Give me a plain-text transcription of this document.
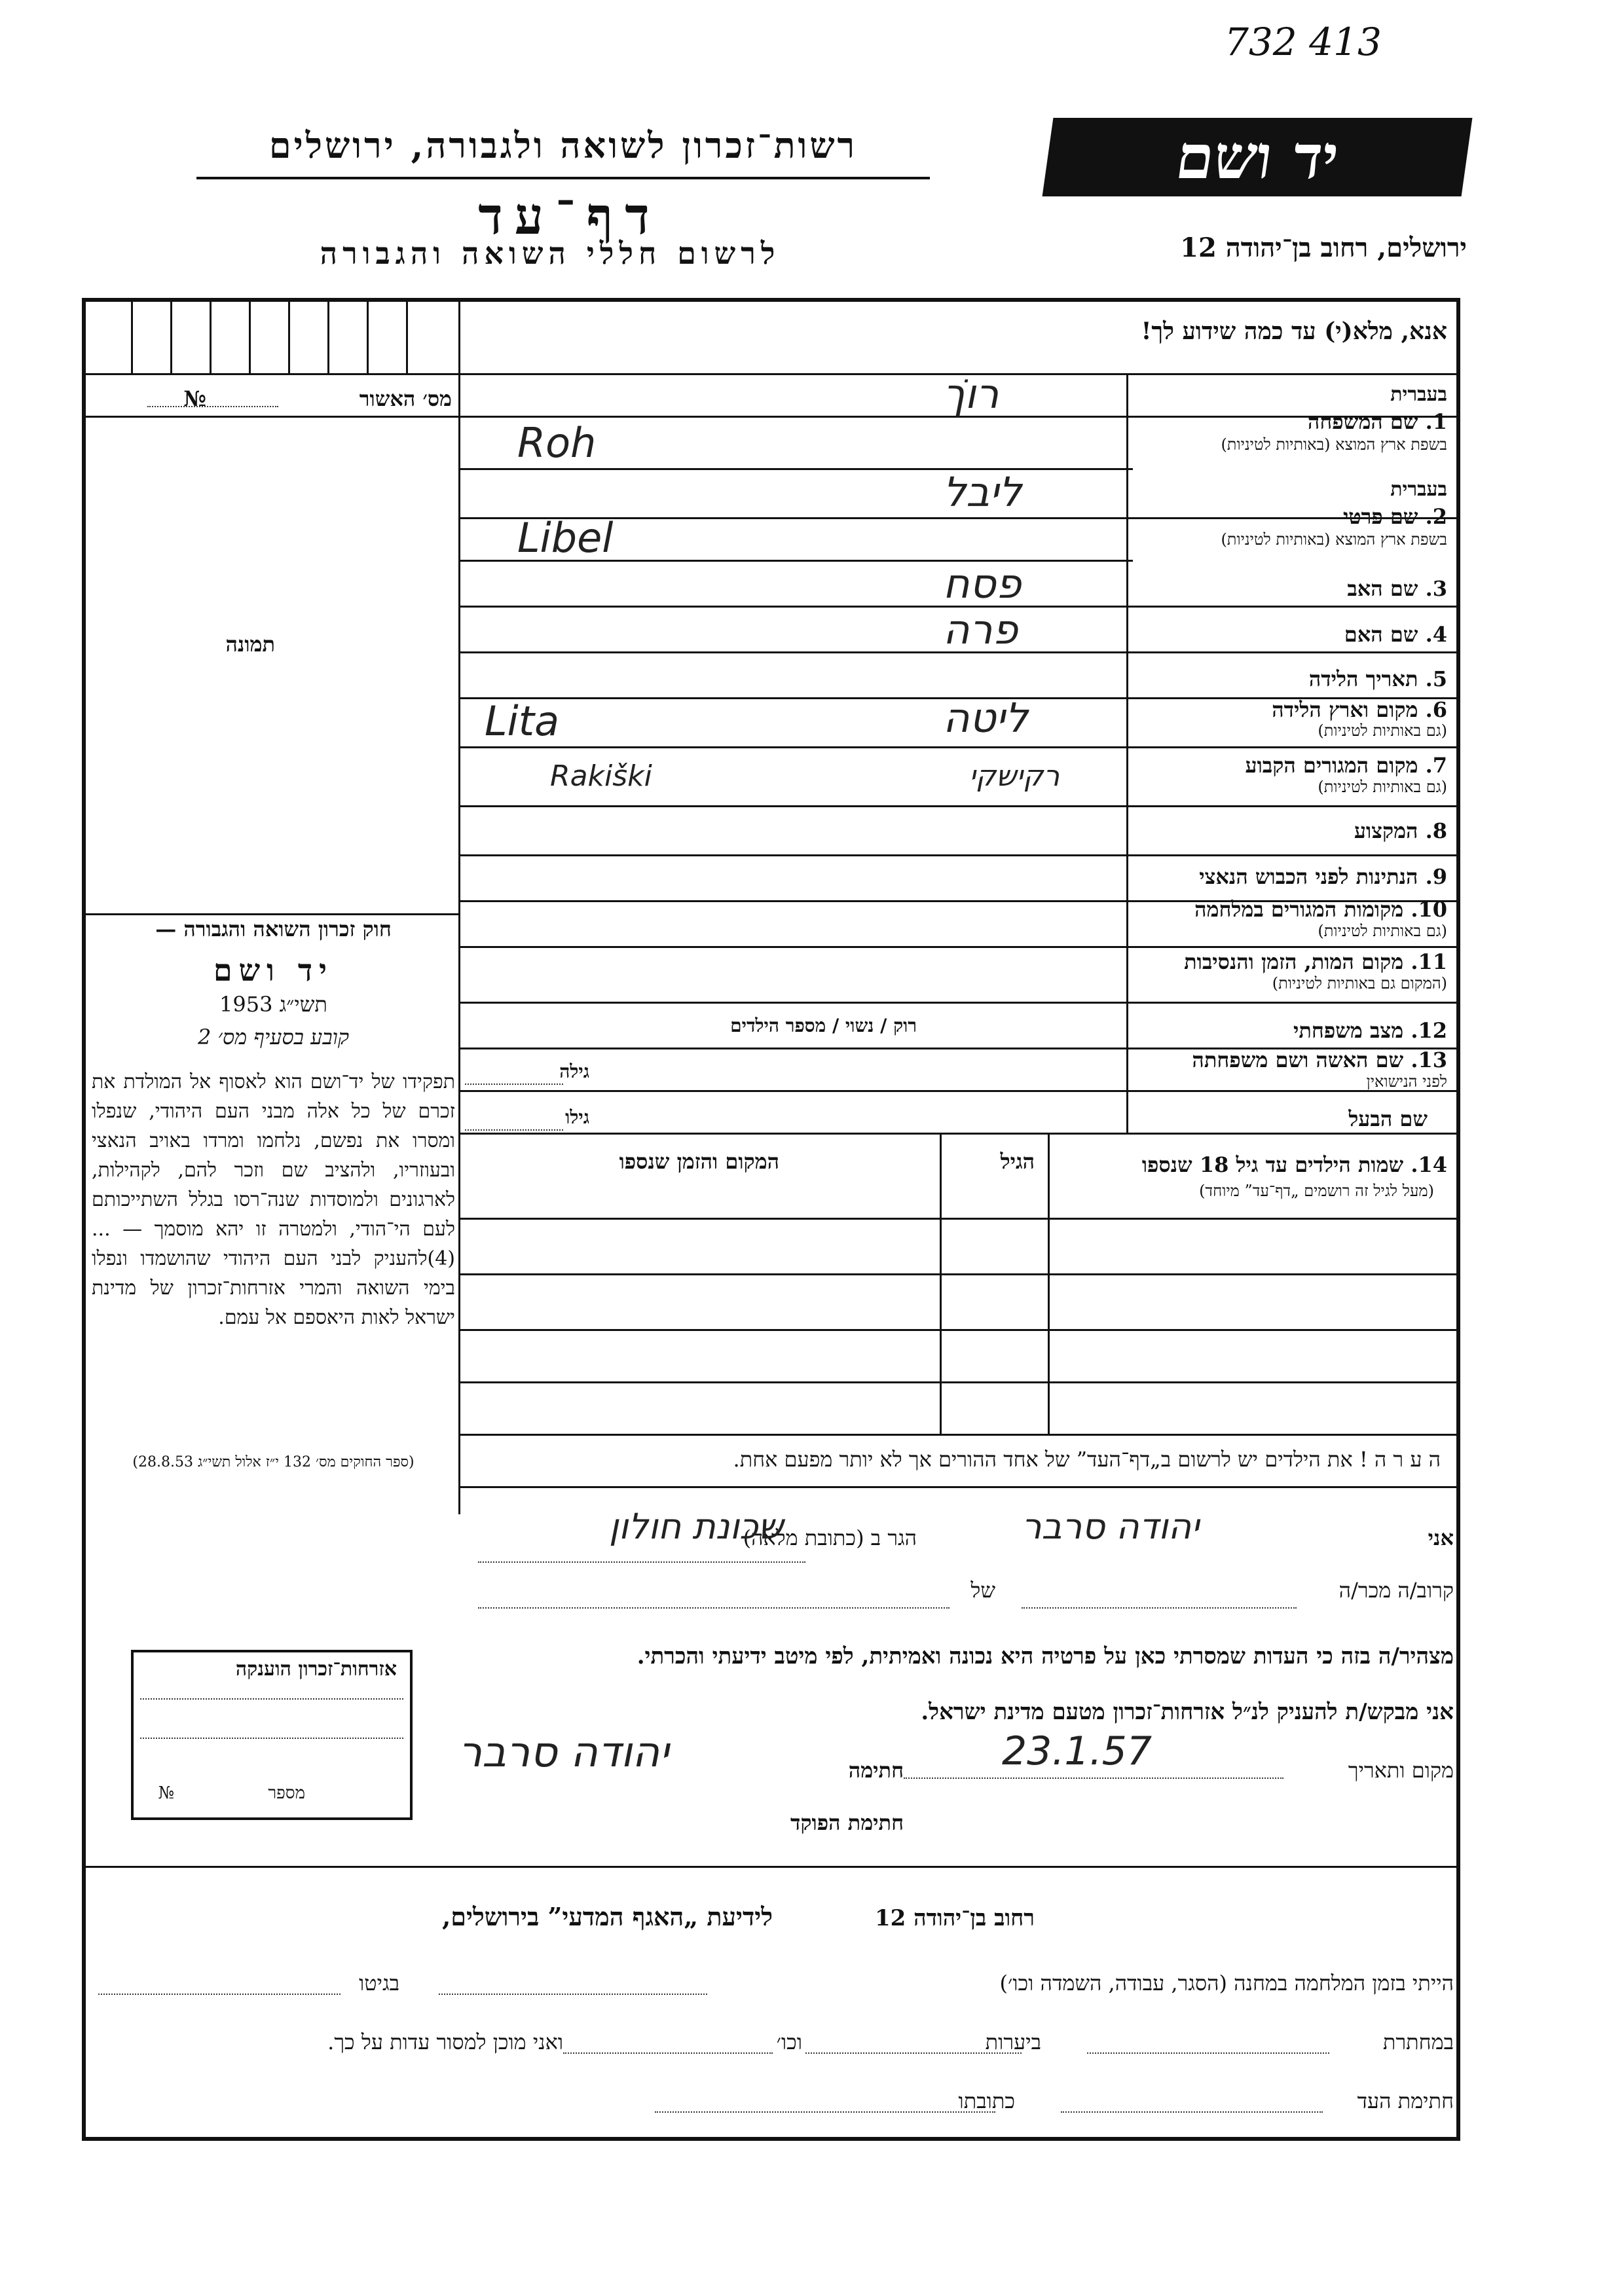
732 413
רשות־זכרון לשואה ולגבורה, ירושלים
דף־עד
לרשום חללי השואה והגבורה
יד ושם
ירושלים, רחוב בן־יהודה 12
אנא, מלא(י) עד כמה שידוע לך!
מס׳ האשור
№
תמונה
בעברית
1. שם המשפחה
בשפת ארץ המוצא (באותיות לטיניות)
בעברית
2. שם פרטי
בשפת ארץ המוצא (באותיות לטיניות)
3. שם האב
4. שם האם
5. תאריך הלידה
6. מקום וארץ הלידה
(גם באותיות לטיניות)
7. מקום המגורים הקבוע
(גם באותיות לטיניות)
8. המקצוע
9. הנתינות לפני הכבוש הנאצי
10. מקומות המגורים במלחמה
(גם באותיות לטיניות)
11. מקום המות, הזמן והנסיבות
(המקום גם באותיות לטיניות)
12. מצב משפחתי
13. שם האשה ושם משפחתה
לפני הנישואין
שם הבעל
רוק / נשוי / מספר הילדים
גילה
גילו
רוֹך
Roh
ליבל
Libel
פסח
פרה
ליטה
Lita
רקישקי
Rakiški
14. שמות הילדים עד גיל 18 שנספו
(מעל לגיל זה רושמים „דף־עד” מיוחד)
הגיל
המקום והזמן שנספו
ה ע ר ה ! את הילדים יש לרשום ב„דף־העד” של אחד ההורים אך לא יותר מפעם אחת.
אני
יהודה סרבר
הגר ב (כתובת מלאה)
שכונת חולון
קרוב/ה מכר/ה
של
מצהיר/ה בזה כי העדות שמסרתי כאן על פרטיה היא נכונה ואמיתית, לפי מיטב ידיעתי והכרתי.
אני מבקש/ת להעניק לנ״ל אזרחות־זכרון מטעם מדינת ישראל.
מקום ותאריך
23.1.57
חתימה
יהודה סרבר
חתימת הפוקד
אזרחות־זכרון הוענקה
מספר
№
חוק זכרון השואה והגבורה —
יד ושם
תשי״ג 1953
קובע בסעיף מס׳ 2
תפקידו של יד־ושם הוא לאסוף אל המולדת את זכרם של כל אלה מבני העם היהודי, שנפלו ומסרו את נפשם, נלחמו ומרדו באויב הנאצי ובעוזריו, ולהציב שם וזכר להם, לקהילות, לארגונים ולמוסדות שנה־רסו בגלל השתייכותם לעם הי־הודי, ולמטרה זו יהא מוסמך — ...(4)להעניק לבני העם היהודי שהושמדו ונפלו בימי השואה והמרי אזרחות־זכרון של מדינת ישראל לאות היאספם אל עמם.
(ספר החוקים מס׳ 132 י״ז אלול תשי״ג 28.8.53)
לידיעת „האגף המדעי” בירושלים,	רחוב בן־יהודה 12
הייתי בזמן המלחמה במחנה (הסגר, עבודה, השמדה וכו׳)
בגיטו
במחתרת
ביערות
וכו׳
ואני מוכן למסור עדות על כך.
חתימת העד
כתובתו
